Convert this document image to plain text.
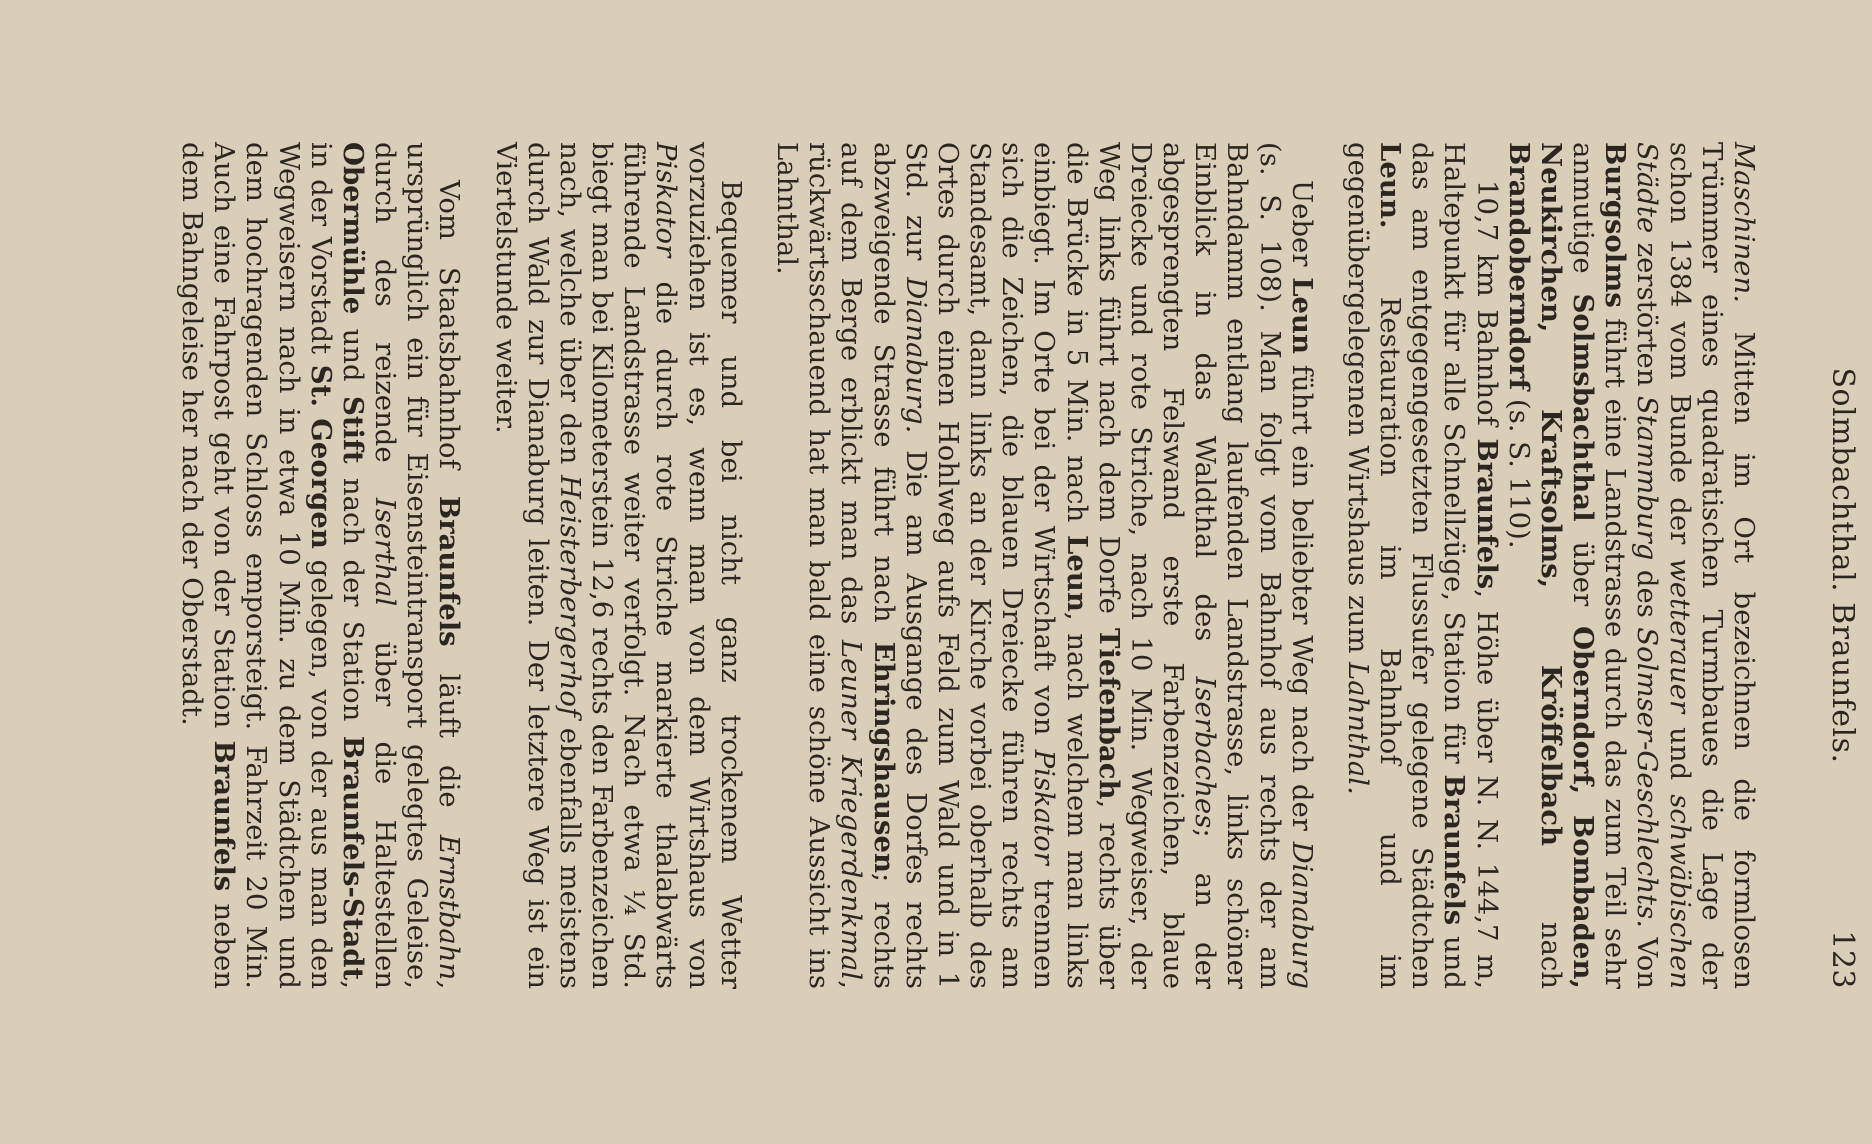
Solmbachthal. Braunfels.
123

Maschinen. Mitten im Ort bezeichnen die formlosen Trümmer eines quadratischen Turmbaues die Lage der schon 1384 vom Bunde der wetterauer und schwäbischen Städte zerstörten Stammburg des Solmser-Geschlechts. Von Burgsolms führt eine Landstrasse durch das zum Teil sehr anmutige Solmsbachthal über Oberndorf, Bombaden, Neukirchen, Kraftsolms, Kröffelbach nach Brandoberndorf (s. S. 110).

10,7 km Bahnhof Braunfels, Höhe über N. N. 144,7 m, Haltepunkt für alle Schnellzüge, Station für Braunfels und das am entgegengesetzten Flussufer gelegene Städtchen Leun. Restauration im Bahnhof und im gegenübergelegenen Wirtshaus zum Lahnthal.

Ueber Leun führt ein beliebter Weg nach der Dianaburg (s. S. 108). Man folgt vom Bahnhof aus rechts der am Bahndamm entlang laufenden Landstrasse, links schöner Einblick in das Waldthal des Iserbaches; an der abgesprengten Felswand erste Farbenzeichen, blaue Dreiecke und rote Striche, nach 10 Min. Wegweiser, der Weg links führt nach dem Dorfe Tiefenbach, rechts über die Brücke in 5 Min. nach Leun, nach welchem man links einbiegt. Im Orte bei der Wirtschaft von Piskator trennen sich die Zeichen, die blauen Dreiecke führen rechts am Standesamt, dann links an der Kirche vorbei oberhalb des Ortes durch einen Hohlweg aufs Feld zum Wald und in 1 Std. zur Dianaburg. Die am Ausgange des Dorfes rechts abzweigende Strasse führt nach Ehringshausen; rechts auf dem Berge erblickt man das Leuner Kriegerdenkmal, rückwärtsschauend hat man bald eine schöne Aussicht ins Lahnthal.

Bequemer und bei nicht ganz trockenem Wetter vorzuziehen ist es, wenn man von dem Wirtshaus von Piskator die durch rote Striche markierte thalabwärts führende Landstrasse weiter verfolgt. Nach etwa ¼ Std. biegt man bei Kilometerstein 12,6 rechts den Farbenzeichen nach, welche über den Heisterbergerhof ebenfalls meistens durch Wald zur Dianaburg leiten. Der letztere Weg ist ein Viertelstunde weiter.

Vom Staatsbahnhof Braunfels läuft die Ernstbahn, ursprünglich ein für Eisensteintransport gelegtes Geleise, durch des reizende Iserthal über die Haltestellen Obermühle und Stift nach der Station Braunfels-Stadt, in der Vorstadt St. Georgen gelegen, von der aus man den Wegweisern nach in etwa 10 Min. zu dem Städtchen und dem hochragenden Schloss emporsteigt. Fahrzeit 20 Min. Auch eine Fahrpost geht von der Station Braunfels neben dem Bahngeleise her nach der Oberstadt.
